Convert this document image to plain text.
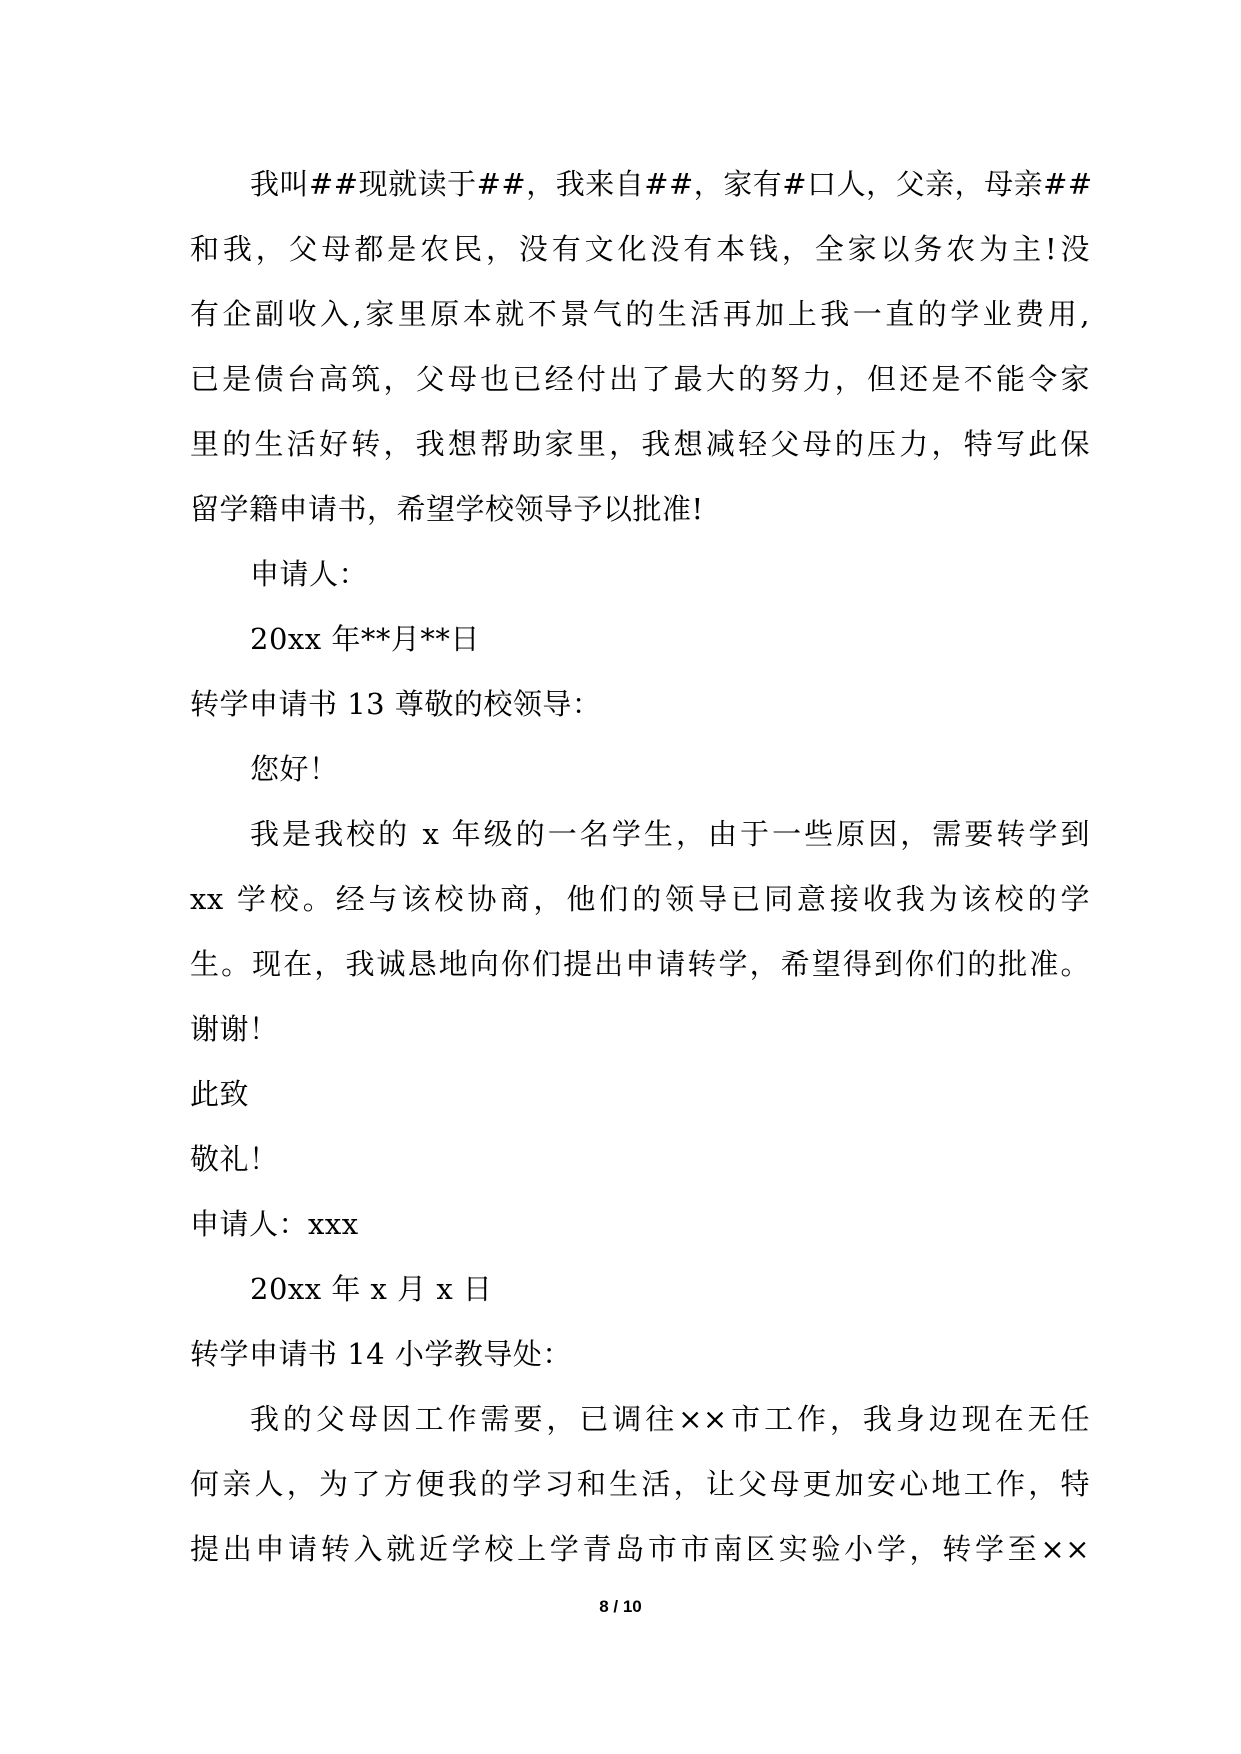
我叫##现就读于##，我来自##，家有#口人，父亲，母亲##
和我，父母都是农民，没有文化没有本钱，全家以务农为主!没
有企副收入,家里原本就不景气的生活再加上我一直的学业费用,
已是债台高筑，父母也已经付出了最大的努力，但还是不能令家
里的生活好转，我想帮助家里，我想减轻父母的压力，特写此保
留学籍申请书，希望学校领导予以批准!
申请人：
20xx 年**月**日
转学申请书 13 尊敬的校领导：
您好！
我是我校的 x 年级的一名学生，由于一些原因，需要转学到
xx 学校。经与该校协商，他们的领导已同意接收我为该校的学
生。现在，我诚恳地向你们提出申请转学，希望得到你们的批准。
谢谢！
此致
敬礼！
申请人：xxx
20xx 年 x 月 x 日
转学申请书 14 小学教导处：
我的父母因工作需要，已调往××市工作，我身边现在无任
何亲人，为了方便我的学习和生活，让父母更加安心地工作，特
提出申请转入就近学校上学青岛市市南区实验小学，转学至××
8 / 10
